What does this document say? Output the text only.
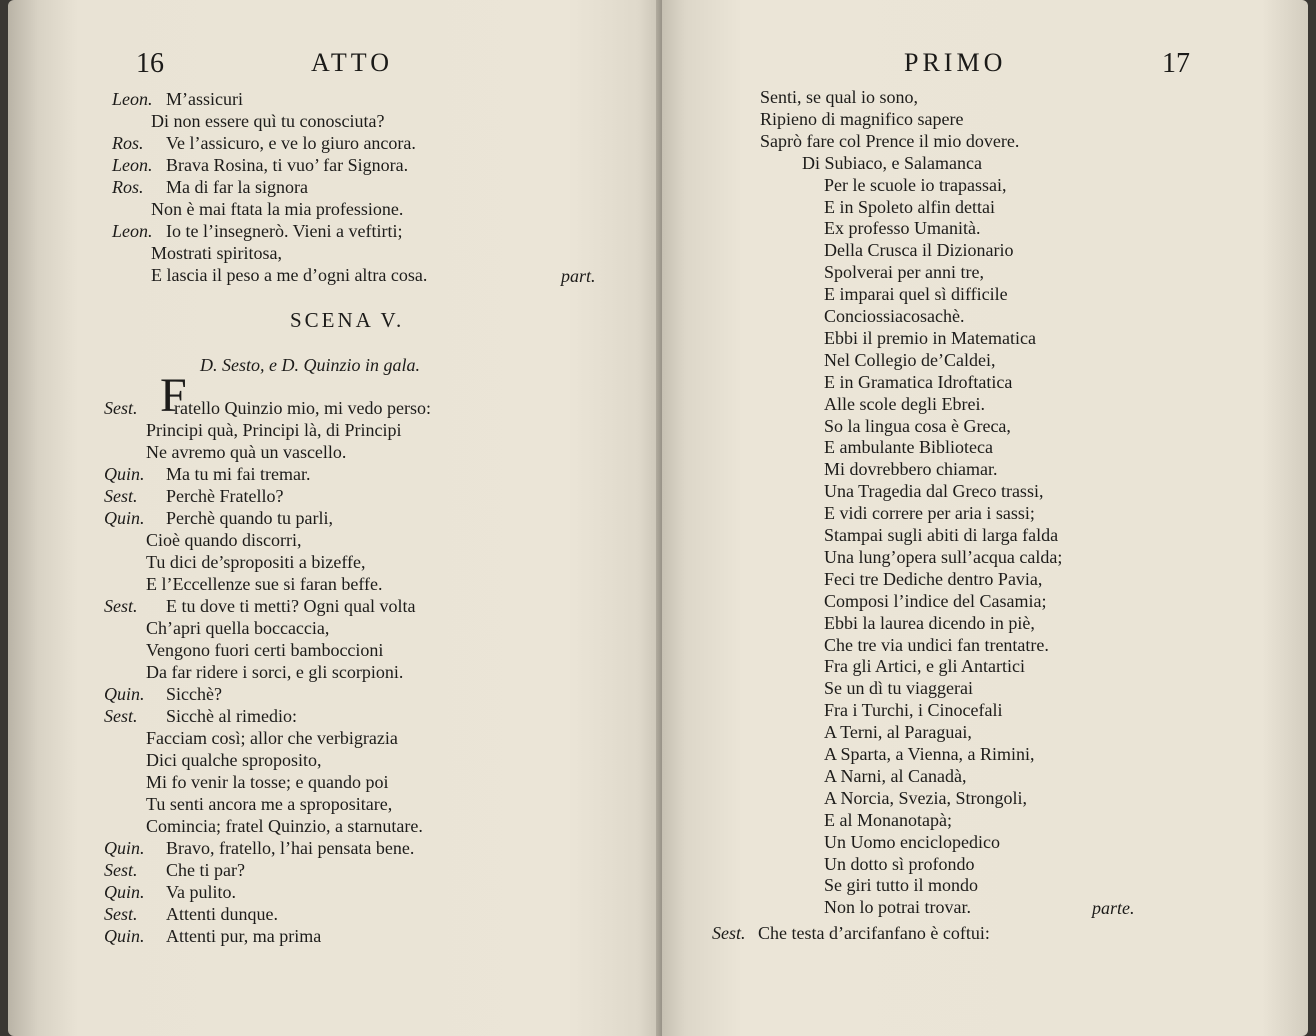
16	ATTO
Leon. M’assicuri
Di non essere quì tu conosciuta?
Ros. Ve l’assicuro, e ve lo giuro ancora.
Leon. Brava Rosina, ti vuo’ far Signora.
Ros. Ma di far la signora
Non è mai ftata la mia professione.
Leon. Io te l’insegnerò. Vieni a veftirti;
Mostrati spiritosa,
E lascia il peso a me d’ogni altra cosa.	part.
SCENA V.
D. Sesto, e D. Quinzio in gala.
F
Sest. ratello Quinzio mio, mi vedo perso:
Principi quà, Principi là, di Principi
Ne avremo quà un vascello.
Quin. Ma tu mi fai tremar.
Sest. Perchè Fratello?
Quin. Perchè quando tu parli,
Cioè quando discorri,
Tu dici de’spropositi a bizeffe,
E l’Eccellenze sue si faran beffe.
Sest. E tu dove ti metti? Ogni qual volta
Ch’apri quella boccaccia,
Vengono fuori certi bamboccioni
Da far ridere i sorci, e gli scorpioni.
Quin. Sicchè?
Sest. Sicchè al rimedio:
Facciam così; allor che verbigrazia
Dici qualche sproposito,
Mi fo venir la tosse; e quando poi
Tu senti ancora me a spropositare,
Comincia; fratel Quinzio, a starnutare.
Quin. Bravo, fratello, l’hai pensata bene.
Sest. Che ti par?
Quin. Va pulito.
Sest. Attenti dunque.
Quin. Attenti pur, ma prima
PRIMO	17
Senti, se qual io sono,
Ripieno di magnifico sapere
Saprò fare col Prence il mio dovere.
Di Subiaco, e Salamanca
Per le scuole io trapassai,
E in Spoleto alfin dettai
Ex professo Umanità.
Della Crusca il Dizionario
Spolverai per anni tre,
E imparai quel sì difficile
Conciossiacosachè.
Ebbi il premio in Matematica
Nel Collegio de’Caldei,
E in Gramatica Idroftatica
Alle scole degli Ebrei.
So la lingua cosa è Greca,
E ambulante Biblioteca
Mi dovrebbero chiamar.
Una Tragedia dal Greco trassi,
E vidi correre per aria i sassi;
Stampai sugli abiti di larga falda
Una lung’opera sull’acqua calda;
Feci tre Dediche dentro Pavia,
Composi l’indice del Casamia;
Ebbi la laurea dicendo in piè,
Che tre via undici fan trentatre.
Fra gli Artici, e gli Antartici
Se un dì tu viaggerai
Fra i Turchi, i Cinocefali
A Terni, al Paraguai,
A Sparta, a Vienna, a Rimini,
A Narni, al Canadà,
A Norcia, Svezia, Strongoli,
E al Monanotapà;
Un Uomo enciclopedico
Un dotto sì profondo
Se giri tutto il mondo
Non lo potrai trovar.	parte.
Sest. Che testa d’arcifanfano è coftui:
